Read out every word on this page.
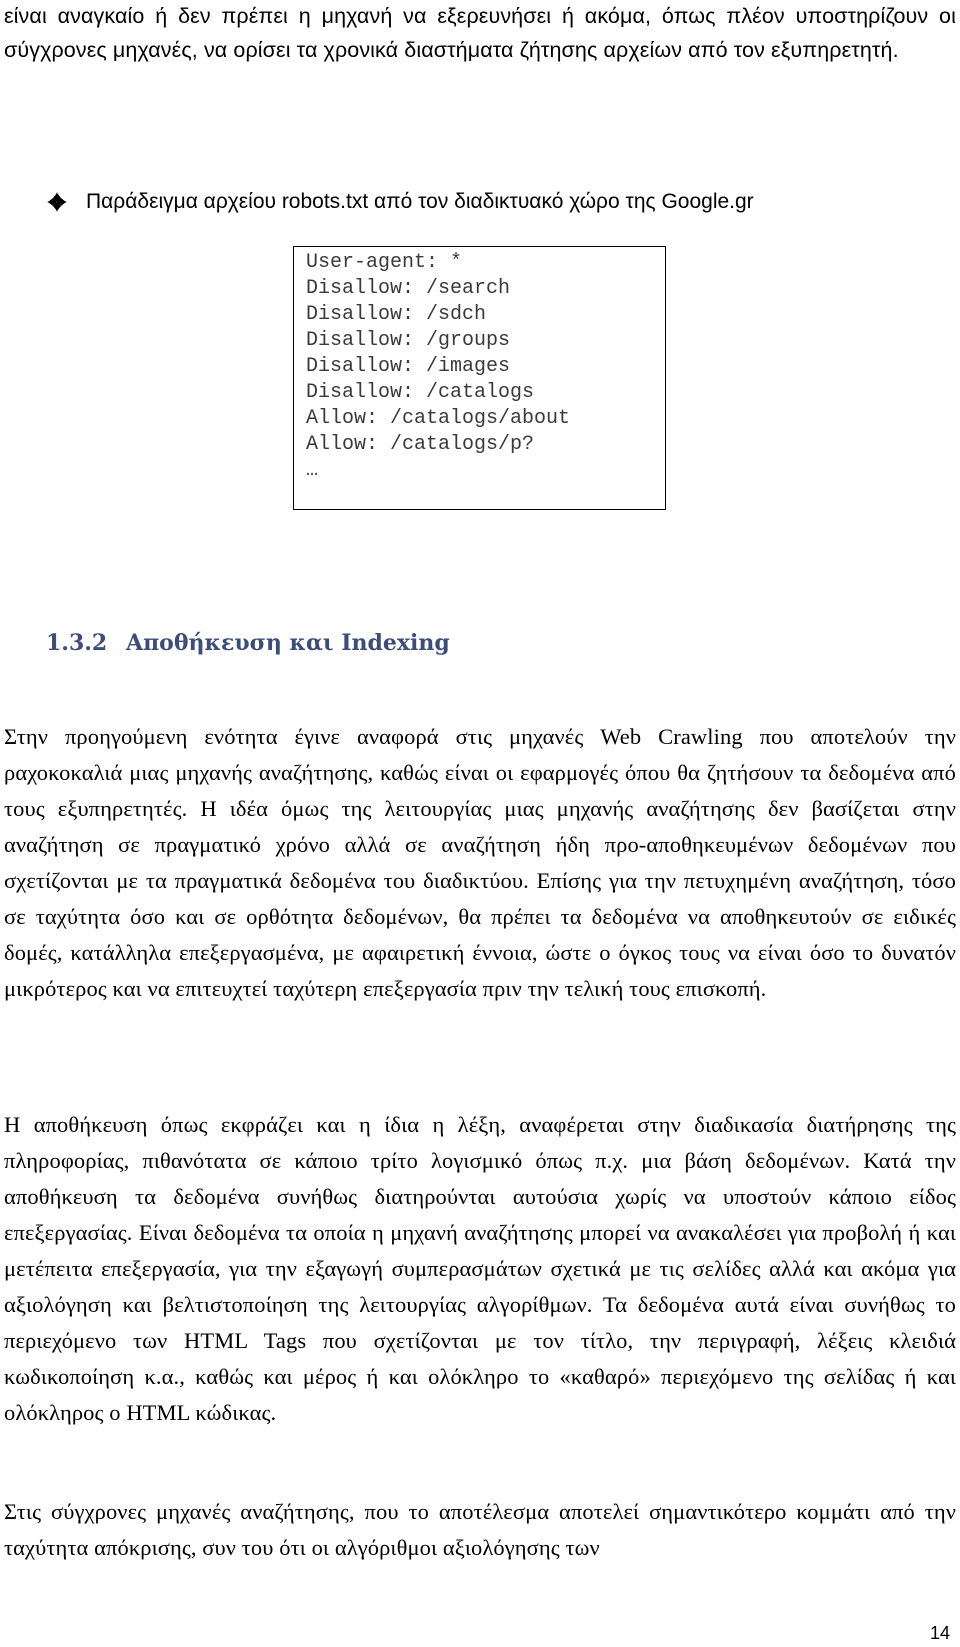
είναι αναγκαίο ή δεν πρέπει η μηχανή να εξερευνήσει ή ακόμα, όπως πλέον υποστηρίζουν οι σύγχρονες μηχανές, να ορίσει τα χρονικά διαστήματα ζήτησης αρχείων από τον εξυπηρετητή.

Παράδειγμα αρχείου robots.txt από τον διαδικτυακό χώρο της Google.gr
User-agent: *
Disallow: /search
Disallow: /sdch
Disallow: /groups
Disallow: /images
Disallow: /catalogs
Allow: /catalogs/about
Allow: /catalogs/p?
…
1.3.2 Αποθήκευση και Indexing

Στην προηγούμενη ενότητα έγινε αναφορά στις μηχανές Web Crawling που αποτελούν την ραχοκοκαλιά μιας μηχανής αναζήτησης, καθώς είναι οι εφαρμογές όπου θα ζητήσουν τα δεδομένα από τους εξυπηρετητές. Η ιδέα όμως της λειτουργίας μιας μηχανής αναζήτησης δεν βασίζεται στην αναζήτηση σε πραγματικό χρόνο αλλά σε αναζήτηση ήδη προ-αποθηκευμένων δεδομένων που σχετίζονται με τα πραγματικά δεδομένα του διαδικτύου. Επίσης για την πετυχημένη αναζήτηση, τόσο σε ταχύτητα όσο και σε ορθότητα δεδομένων, θα πρέπει τα δεδομένα να αποθηκευτούν σε ειδικές δομές, κατάλληλα επεξεργασμένα, με αφαιρετική έννοια, ώστε ο όγκος τους να είναι όσο το δυνατόν μικρότερος και να επιτευχτεί ταχύτερη επεξεργασία πριν την τελική τους επισκοπή.

Η αποθήκευση όπως εκφράζει και η ίδια η λέξη, αναφέρεται στην διαδικασία διατήρησης της πληροφορίας, πιθανότατα σε κάποιο τρίτο λογισμικό όπως π.χ. μια βάση δεδομένων. Κατά την αποθήκευση τα δεδομένα συνήθως διατηρούνται αυτούσια χωρίς να υποστούν κάποιο είδος επεξεργασίας. Είναι δεδομένα τα οποία η μηχανή αναζήτησης μπορεί να ανακαλέσει για προβολή ή και μετέπειτα επεξεργασία, για την εξαγωγή συμπερασμάτων σχετικά με τις σελίδες αλλά και ακόμα για αξιολόγηση και βελτιστοποίηση της λειτουργίας αλγορίθμων. Τα δεδομένα αυτά είναι συνήθως το περιεχόμενο των HTML Tags που σχετίζονται με τον τίτλο, την περιγραφή, λέξεις κλειδιά κωδικοποίηση κ.α., καθώς και μέρος ή και ολόκληρο το «καθαρό» περιεχόμενο της σελίδας ή και ολόκληρος ο HTML κώδικας.

Στις σύγχρονες μηχανές αναζήτησης, που το αποτέλεσμα αποτελεί σημαντικότερο κομμάτι από την ταχύτητα απόκρισης, συν του ότι οι αλγόριθμοι αξιολόγησης των

14
